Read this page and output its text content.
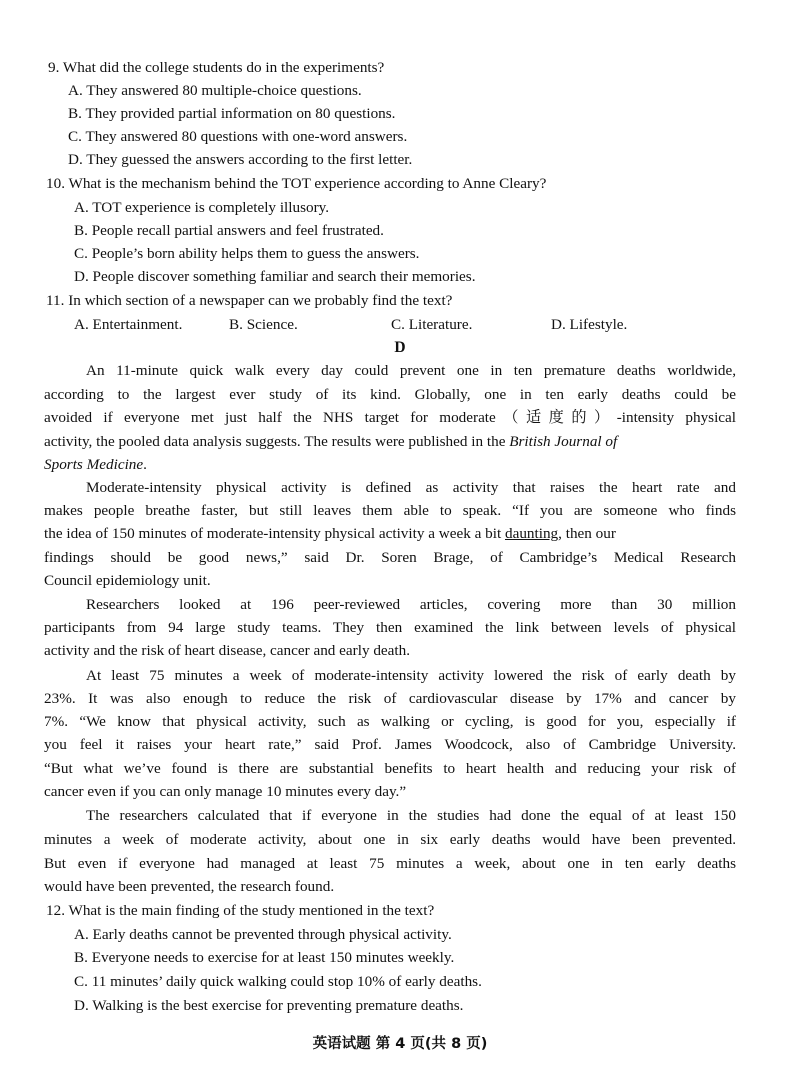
9. What did the college students do in the experiments?
A. They answered 80 multiple-choice questions.
B. They provided partial information on 80 questions.
C. They answered 80 questions with one-word answers.
D. They guessed the answers according to the first letter.
10. What is the mechanism behind the TOT experience according to Anne Cleary?
A. TOT experience is completely illusory.
B. People recall partial answers and feel frustrated.
C. People’s born ability helps them to guess the answers.
D. People discover something familiar and search their memories.
11. In which section of a newspaper can we probably find the text?
A. Entertainment.	B. Science.	C. Literature.	D. Lifestyle.
D
An 11-minute quick walk every day could prevent one in ten premature deaths worldwide,
according to the largest ever study of its kind. Globally, one in ten early deaths could be
avoided if everyone met just half the NHS target for moderate（适度的）-intensity physical
activity, the pooled data analysis suggests. The results were published in the British Journal of
Sports Medicine.
Moderate-intensity physical activity is defined as activity that raises the heart rate and
makes people breathe faster, but still leaves them able to speak. “If you are someone who finds
the idea of 150 minutes of moderate-intensity physical activity a week a bit daunting, then our
findings should be good news,” said Dr. Soren Brage, of Cambridge’s Medical Research
Council epidemiology unit.
Researchers looked at 196 peer-reviewed articles, covering more than 30 million
participants from 94 large study teams. They then examined the link between levels of physical
activity and the risk of heart disease, cancer and early death.
At least 75 minutes a week of moderate-intensity activity lowered the risk of early death by
23%. It was also enough to reduce the risk of cardiovascular disease by 17% and cancer by
7%. “We know that physical activity, such as walking or cycling, is good for you, especially if
you feel it raises your heart rate,” said Prof. James Woodcock, also of Cambridge University.
“But what we’ve found is there are substantial benefits to heart health and reducing your risk of
cancer even if you can only manage 10 minutes every day.”
The researchers calculated that if everyone in the studies had done the equal of at least 150
minutes a week of moderate activity, about one in six early deaths would have been prevented.
But even if everyone had managed at least 75 minutes a week, about one in ten early deaths
would have been prevented, the research found.
12. What is the main finding of the study mentioned in the text?
A. Early deaths cannot be prevented through physical activity.
B. Everyone needs to exercise for at least 150 minutes weekly.
C. 11 minutes’ daily quick walking could stop 10% of early deaths.
D. Walking is the best exercise for preventing premature deaths.
英语试题 第 4 页(共 8 页)
